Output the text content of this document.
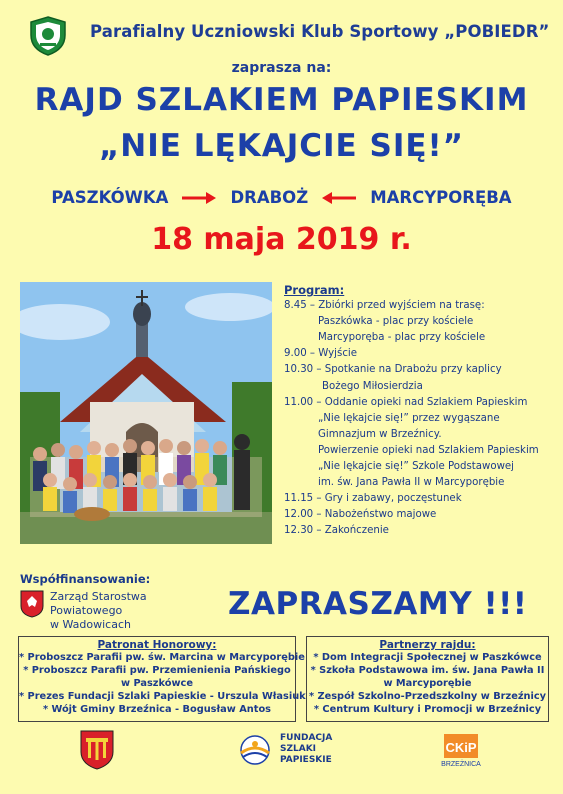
Parafialny Uczniowski Klub Sportowy „POBIEDR”
zaprasza na:
RAJD SZLAKIEM PAPIESKIM
„NIE LĘKAJCIE SIĘ!”
PASZKÓWKA	DRABOŻ	MARCYPORĘBA
18 maja 2019 r.
Program:
8.45 – Zbiórki przed wyjściem na trasę:
Paszkówka - plac przy kościele
Marcyporęba - plac przy kościele
9.00 – Wyjście
10.30 – Spotkanie na Drabożu przy kaplicy
Bożego Miłosierdzia
11.00 – Oddanie opieki nad Szlakiem Papieskim
„Nie lękajcie się!” przez wygąszane
Gimnazjum w Brzeźnicy.
Powierzenie opieki nad Szlakiem Papieskim
„Nie lękajcie się!” Szkole Podstawowej
im. św. Jana Pawła II w Marcyporębie
11.15 – Gry i zabawy, poczęstunek
12.00 – Nabożeństwo majowe
12.30 – Zakończenie
Współfinansowanie:
Zarząd Starostwa
Powiatowego
w Wadowicach
ZAPRASZAMY !!!
Patronat Honorowy:
* Proboszcz Parafii pw. św. Marcina w Marcyporębie
* Proboszcz Parafii pw. Przemienienia Pańskiego
w Paszkówce
* Prezes Fundacji Szlaki Papieskie - Urszula Własiuk
* Wójt Gminy Brzeźnica - Bogusław Antos
Partnerzy rajdu:
* Dom Integracji Społecznej w Paszkówce
* Szkoła Podstawowa im. św. Jana Pawła II
w Marcyporębie
* Zespół Szkolno-Przedszkolny w Brzeźnicy
* Centrum Kultury i Promocji w Brzeźnicy
FUNDACJA
SZLAKI
PAPIESKIE
CKiP
BRZEŻNICA
